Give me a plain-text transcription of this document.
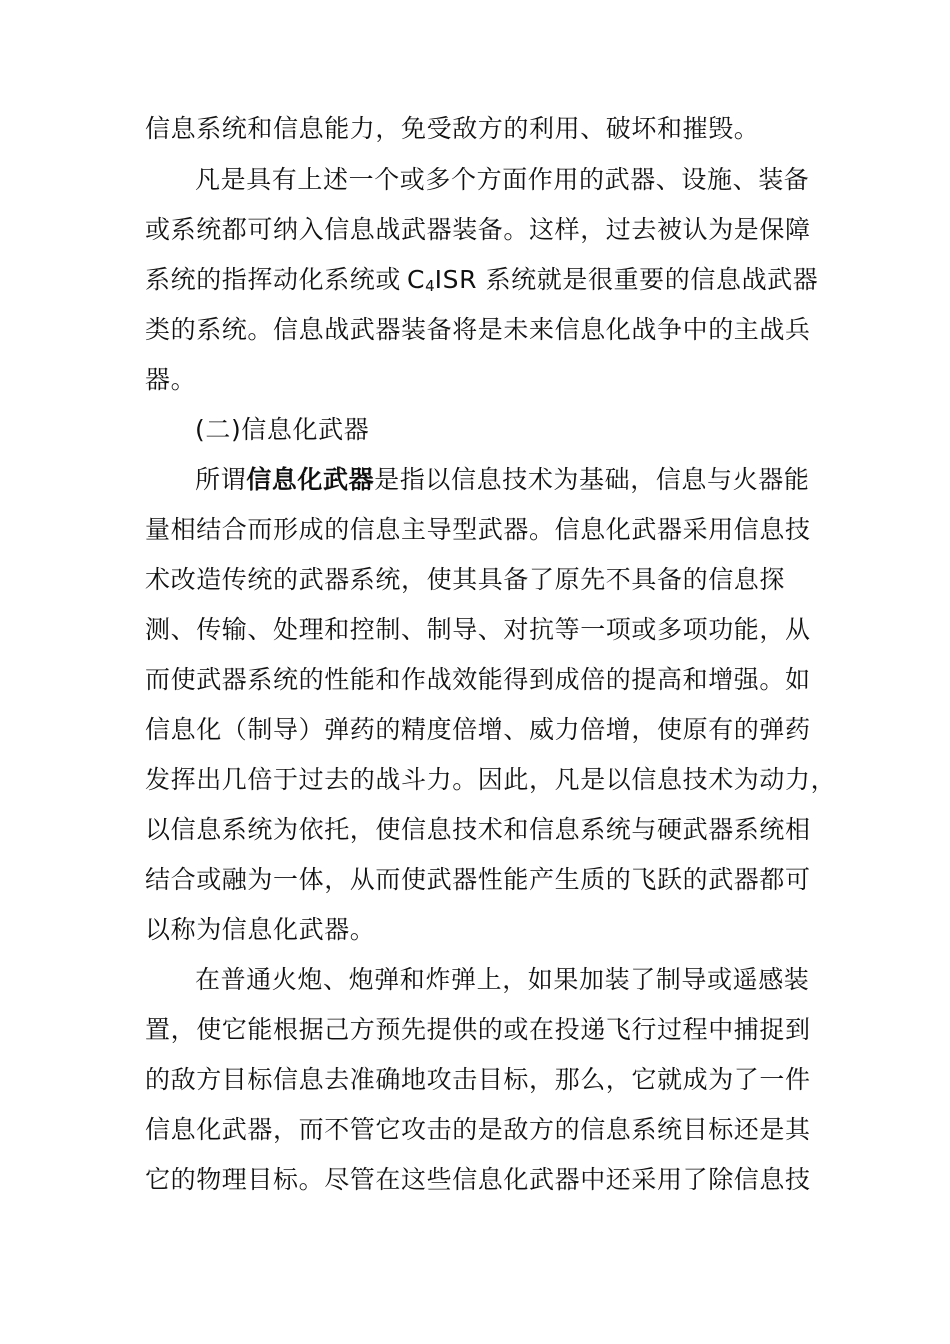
信息系统和信息能力，免受敌方的利用、破坏和摧毁。
凡是具有上述一个或多个方面作用的武器、设施、装备
或系统都可纳入信息战武器装备。这样，过去被认为是保障
系统的指挥动化系统或 $C_4ISR$ 系统就是很重要的信息战武器
类的系统。信息战武器装备将是未来信息化战争中的主战兵
器。
(二)信息化武器
所谓信息化武器是指以信息技术为基础，信息与火器能
量相结合而形成的信息主导型武器。信息化武器采用信息技
术改造传统的武器系统，使其具备了原先不具备的信息探
测、传输、处理和控制、制导、对抗等一项或多项功能，从
而使武器系统的性能和作战效能得到成倍的提高和增强。如
信息化（制导）弹药的精度倍增、威力倍增，使原有的弹药
发挥出几倍于过去的战斗力。因此，凡是以信息技术为动力，
以信息系统为依托，使信息技术和信息系统与硬武器系统相
结合或融为一体，从而使武器性能产生质的飞跃的武器都可
以称为信息化武器。
在普通火炮、炮弹和炸弹上，如果加装了制导或遥感装
置，使它能根据己方预先提供的或在投递飞行过程中捕捉到
的敌方目标信息去准确地攻击目标，那么，它就成为了一件
信息化武器，而不管它攻击的是敌方的信息系统目标还是其
它的物理目标。尽管在这些信息化武器中还采用了除信息技
